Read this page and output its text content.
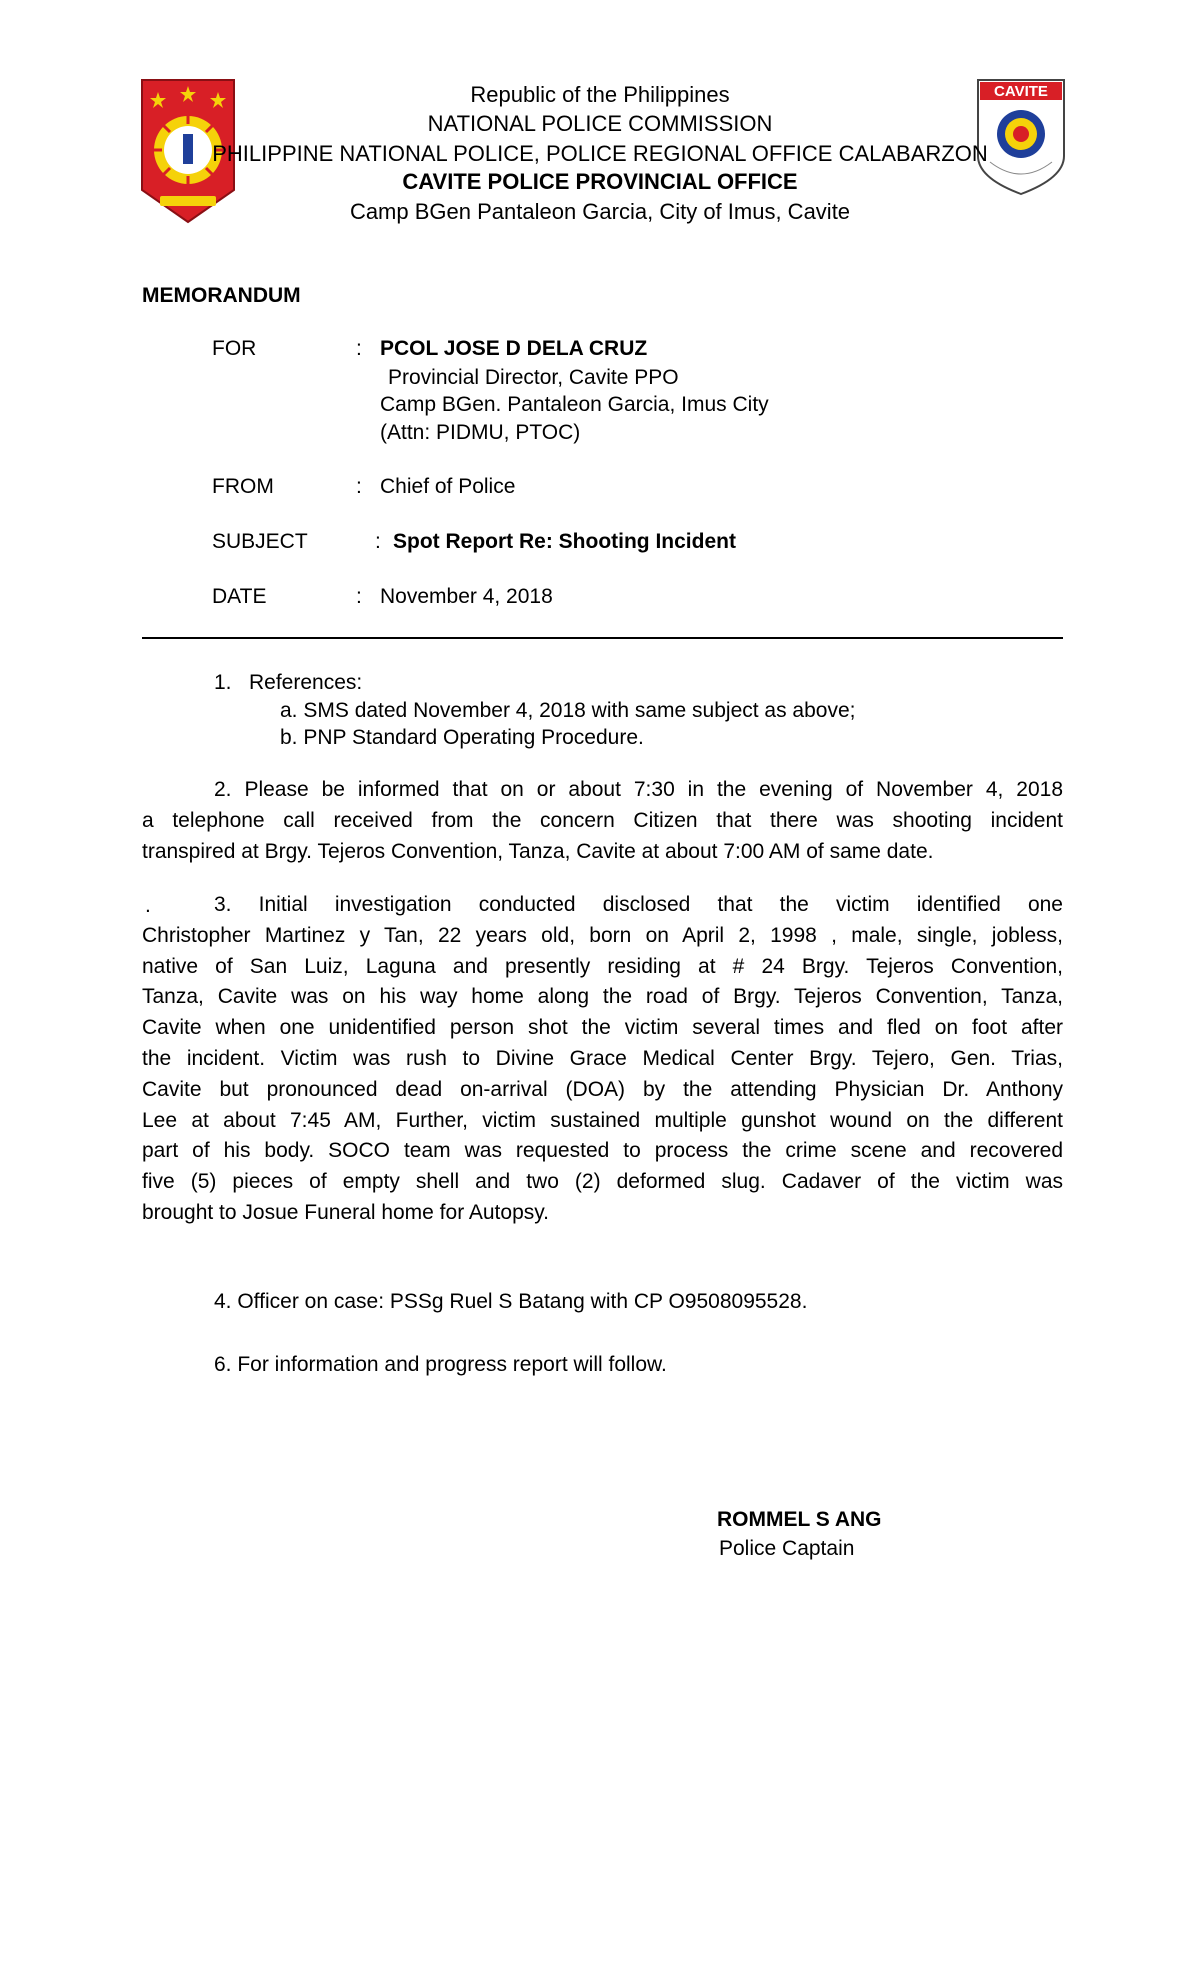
CAVITE
Republic of the Philippines
NATIONAL POLICE COMMISSION
PHILIPPINE NATIONAL POLICE, POLICE REGIONAL OFFICE CALABARZON
CAVITE POLICE PROVINCIAL OFFICE
Camp BGen Pantaleon Garcia, City of Imus, Cavite
MEMORANDUM
FOR	: PCOL JOSE D DELA CRUZ
Provincial Director, Cavite PPO
Camp BGen. Pantaleon Garcia, Imus City
(Attn: PIDMU, PTOC)
FROM	: Chief of Police
SUBJECT	: Spot Report Re: Shooting Incident
DATE	: November 4, 2018
1. References:
a. SMS dated November 4, 2018 with same subject as above;
b. PNP Standard Operating Procedure.
2. Please be informed that on or about 7:30 in the evening of November 4, 2018
a telephone call received from the concern Citizen that there was shooting incident
transpired at Brgy. Tejeros Convention, Tanza, Cavite at about 7:00 AM of same date.
.	3. Initial investigation conducted disclosed that the victim identified one
Christopher Martinez y Tan, 22 years old, born on April 2, 1998 , male, single, jobless,
native of San Luiz, Laguna and presently residing at # 24 Brgy. Tejeros Convention,
Tanza, Cavite was on his way home along the road of Brgy. Tejeros Convention, Tanza,
Cavite when one unidentified person shot the victim several times and fled on foot after
the incident. Victim was rush to Divine Grace Medical Center Brgy. Tejero, Gen. Trias,
Cavite but pronounced dead on-arrival (DOA) by the attending Physician Dr. Anthony
Lee at about 7:45 AM, Further, victim sustained multiple gunshot wound on the different
part of his body. SOCO team was requested to process the crime scene and recovered
five (5) pieces of empty shell and two (2) deformed slug. Cadaver of the victim was
brought to Josue Funeral home for Autopsy.
4. Officer on case: PSSg Ruel S Batang with CP O9508095528.
6. For information and progress report will follow.
ROMMEL S ANG
Police Captain
